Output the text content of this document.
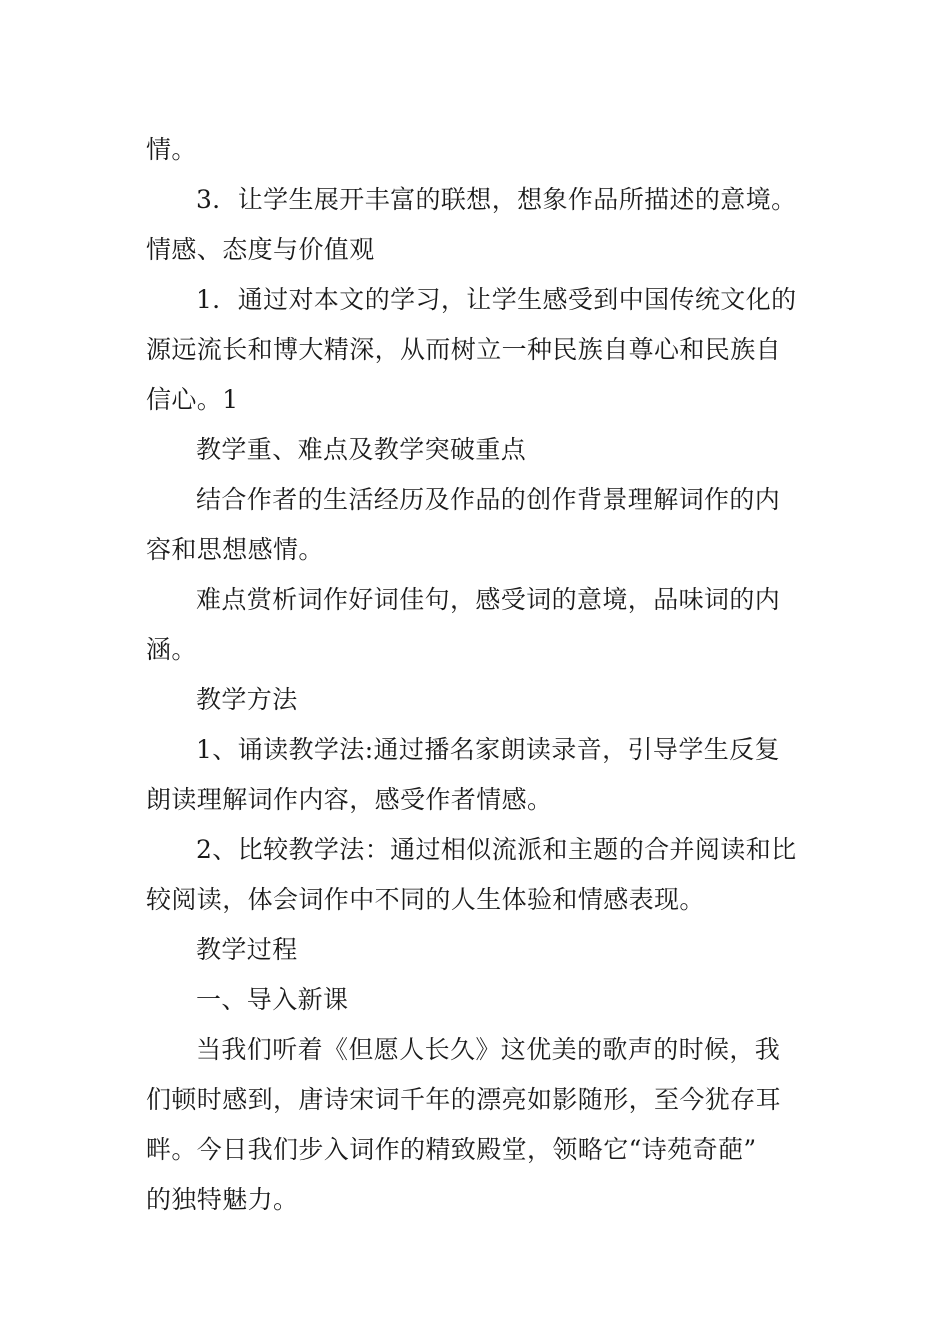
情。
3．让学生展开丰富的联想，想象作品所描述的意境。
情感、态度与价值观
1．通过对本文的学习，让学生感受到中国传统文化的
源远流长和博大精深，从而树立一种民族自尊心和民族自
信心。1
教学重、难点及教学突破重点
结合作者的生活经历及作品的创作背景理解词作的内
容和思想感情。
难点赏析词作好词佳句，感受词的意境，品味词的内
涵。
教学方法
1、诵读教学法:通过播名家朗读录音，引导学生反复
朗读理解词作内容，感受作者情感。
2、比较教学法：通过相似流派和主题的合并阅读和比
较阅读，体会词作中不同的人生体验和情感表现。
教学过程
一、导入新课
当我们听着《但愿人长久》这优美的歌声的时候，我
们顿时感到，唐诗宋词千年的漂亮如影随形，至今犹存耳
畔。今日我们步入词作的精致殿堂，领略它“诗苑奇葩”
的独特魅力。
